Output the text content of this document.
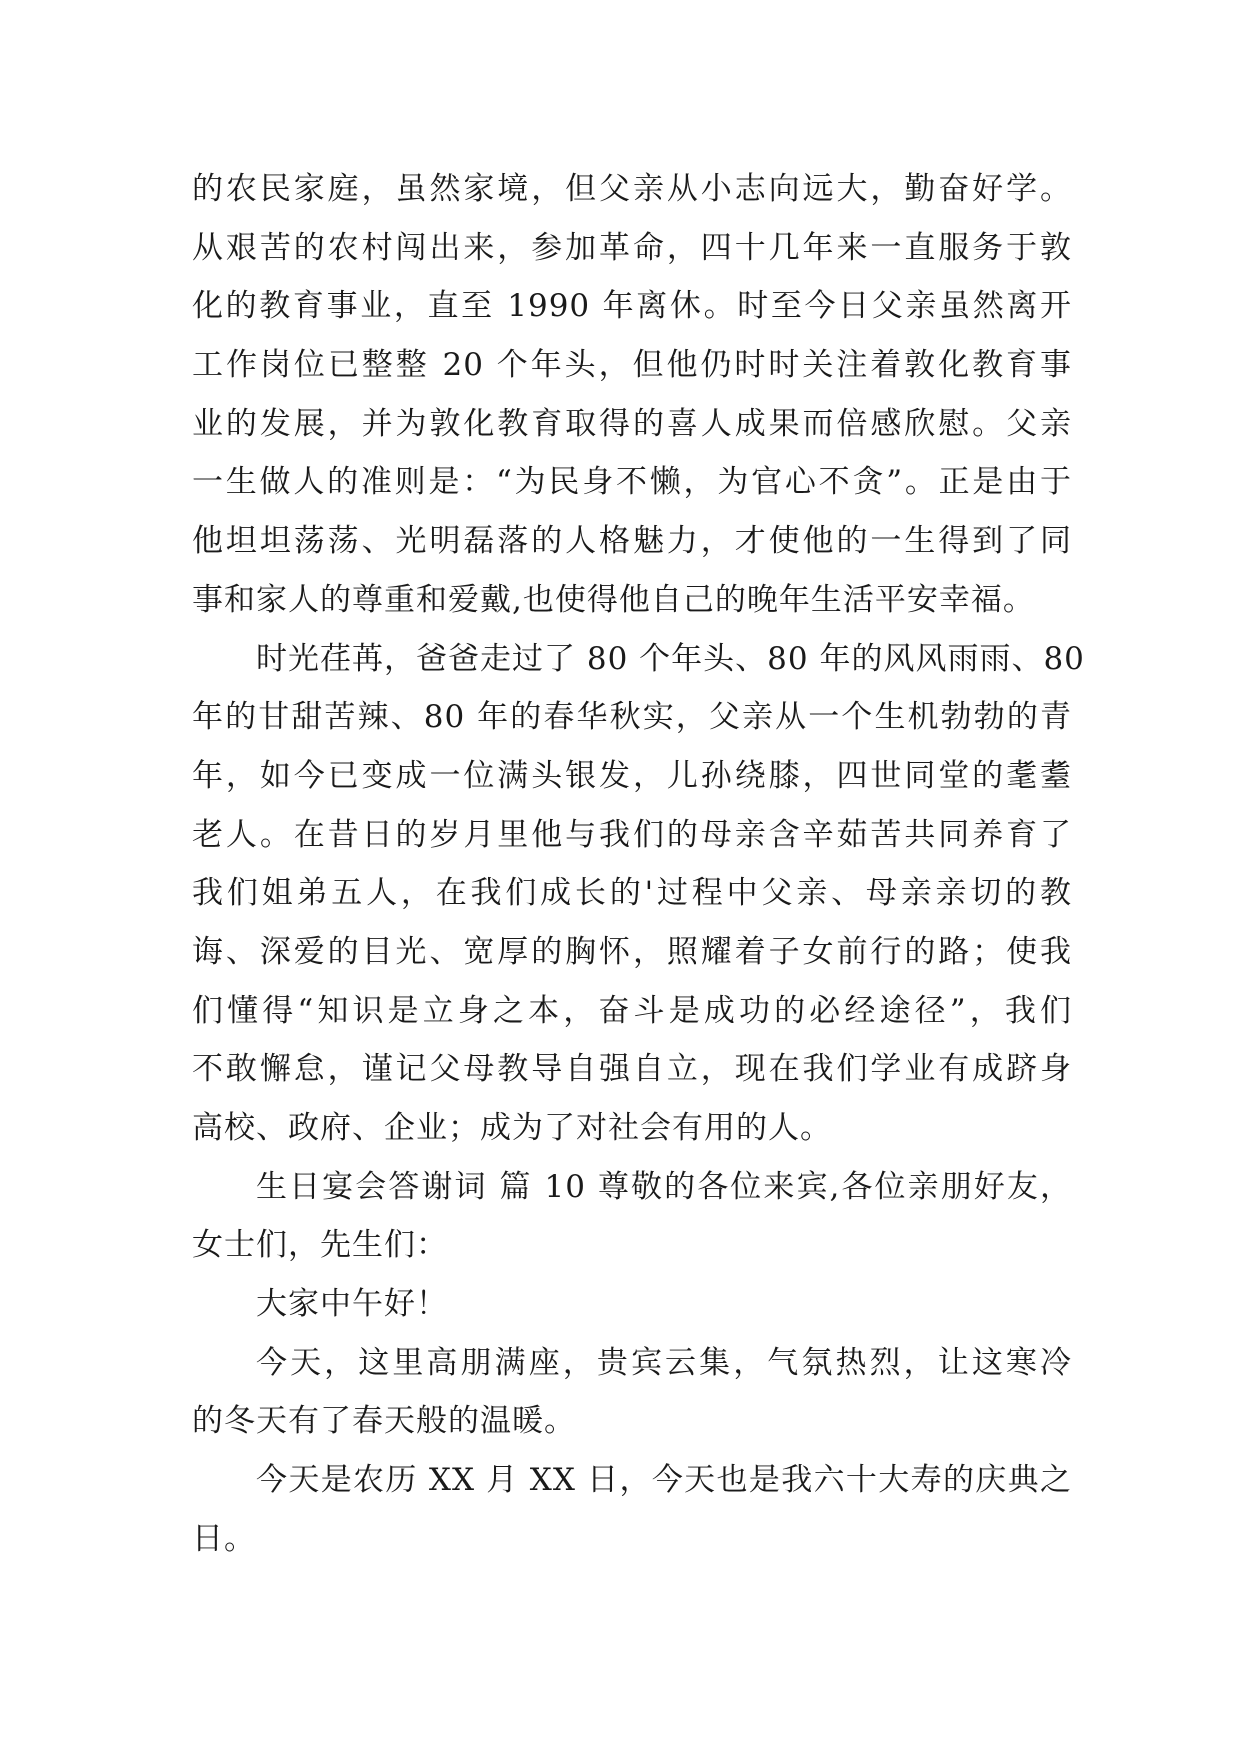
的农民家庭，虽然家境，但父亲从小志向远大，勤奋好学。
从艰苦的农村闯出来，参加革命，四十几年来一直服务于敦
化的教育事业，直至 1990 年离休。时至今日父亲虽然离开
工作岗位已整整 20 个年头，但他仍时时关注着敦化教育事
业的发展，并为敦化教育取得的喜人成果而倍感欣慰。父亲
一生做人的准则是：“为民身不懒，为官心不贪”。正是由于
他坦坦荡荡、光明磊落的人格魅力，才使他的一生得到了同
事和家人的尊重和爱戴,也使得他自己的晚年生活平安幸福。
时光荏苒，爸爸走过了 80 个年头、80 年的风风雨雨、80
年的甘甜苦辣、80 年的春华秋实，父亲从一个生机勃勃的青
年，如今已变成一位满头银发，儿孙绕膝，四世同堂的耄耋
老人。在昔日的岁月里他与我们的母亲含辛茹苦共同养育了
我们姐弟五人，在我们成长的'过程中父亲、母亲亲切的教
诲、深爱的目光、宽厚的胸怀，照耀着子女前行的路；使我
们懂得“知识是立身之本，奋斗是成功的必经途径”，我们
不敢懈怠，谨记父母教导自强自立，现在我们学业有成跻身
高校、政府、企业；成为了对社会有用的人。
生日宴会答谢词 篇 10 尊敬的各位来宾,各位亲朋好友，
女士们，先生们：
大家中午好！
今天，这里高朋满座，贵宾云集，气氛热烈，让这寒冷
的冬天有了春天般的温暖。
今天是农历 XX 月 XX 日，今天也是我六十大寿的庆典之
日。
